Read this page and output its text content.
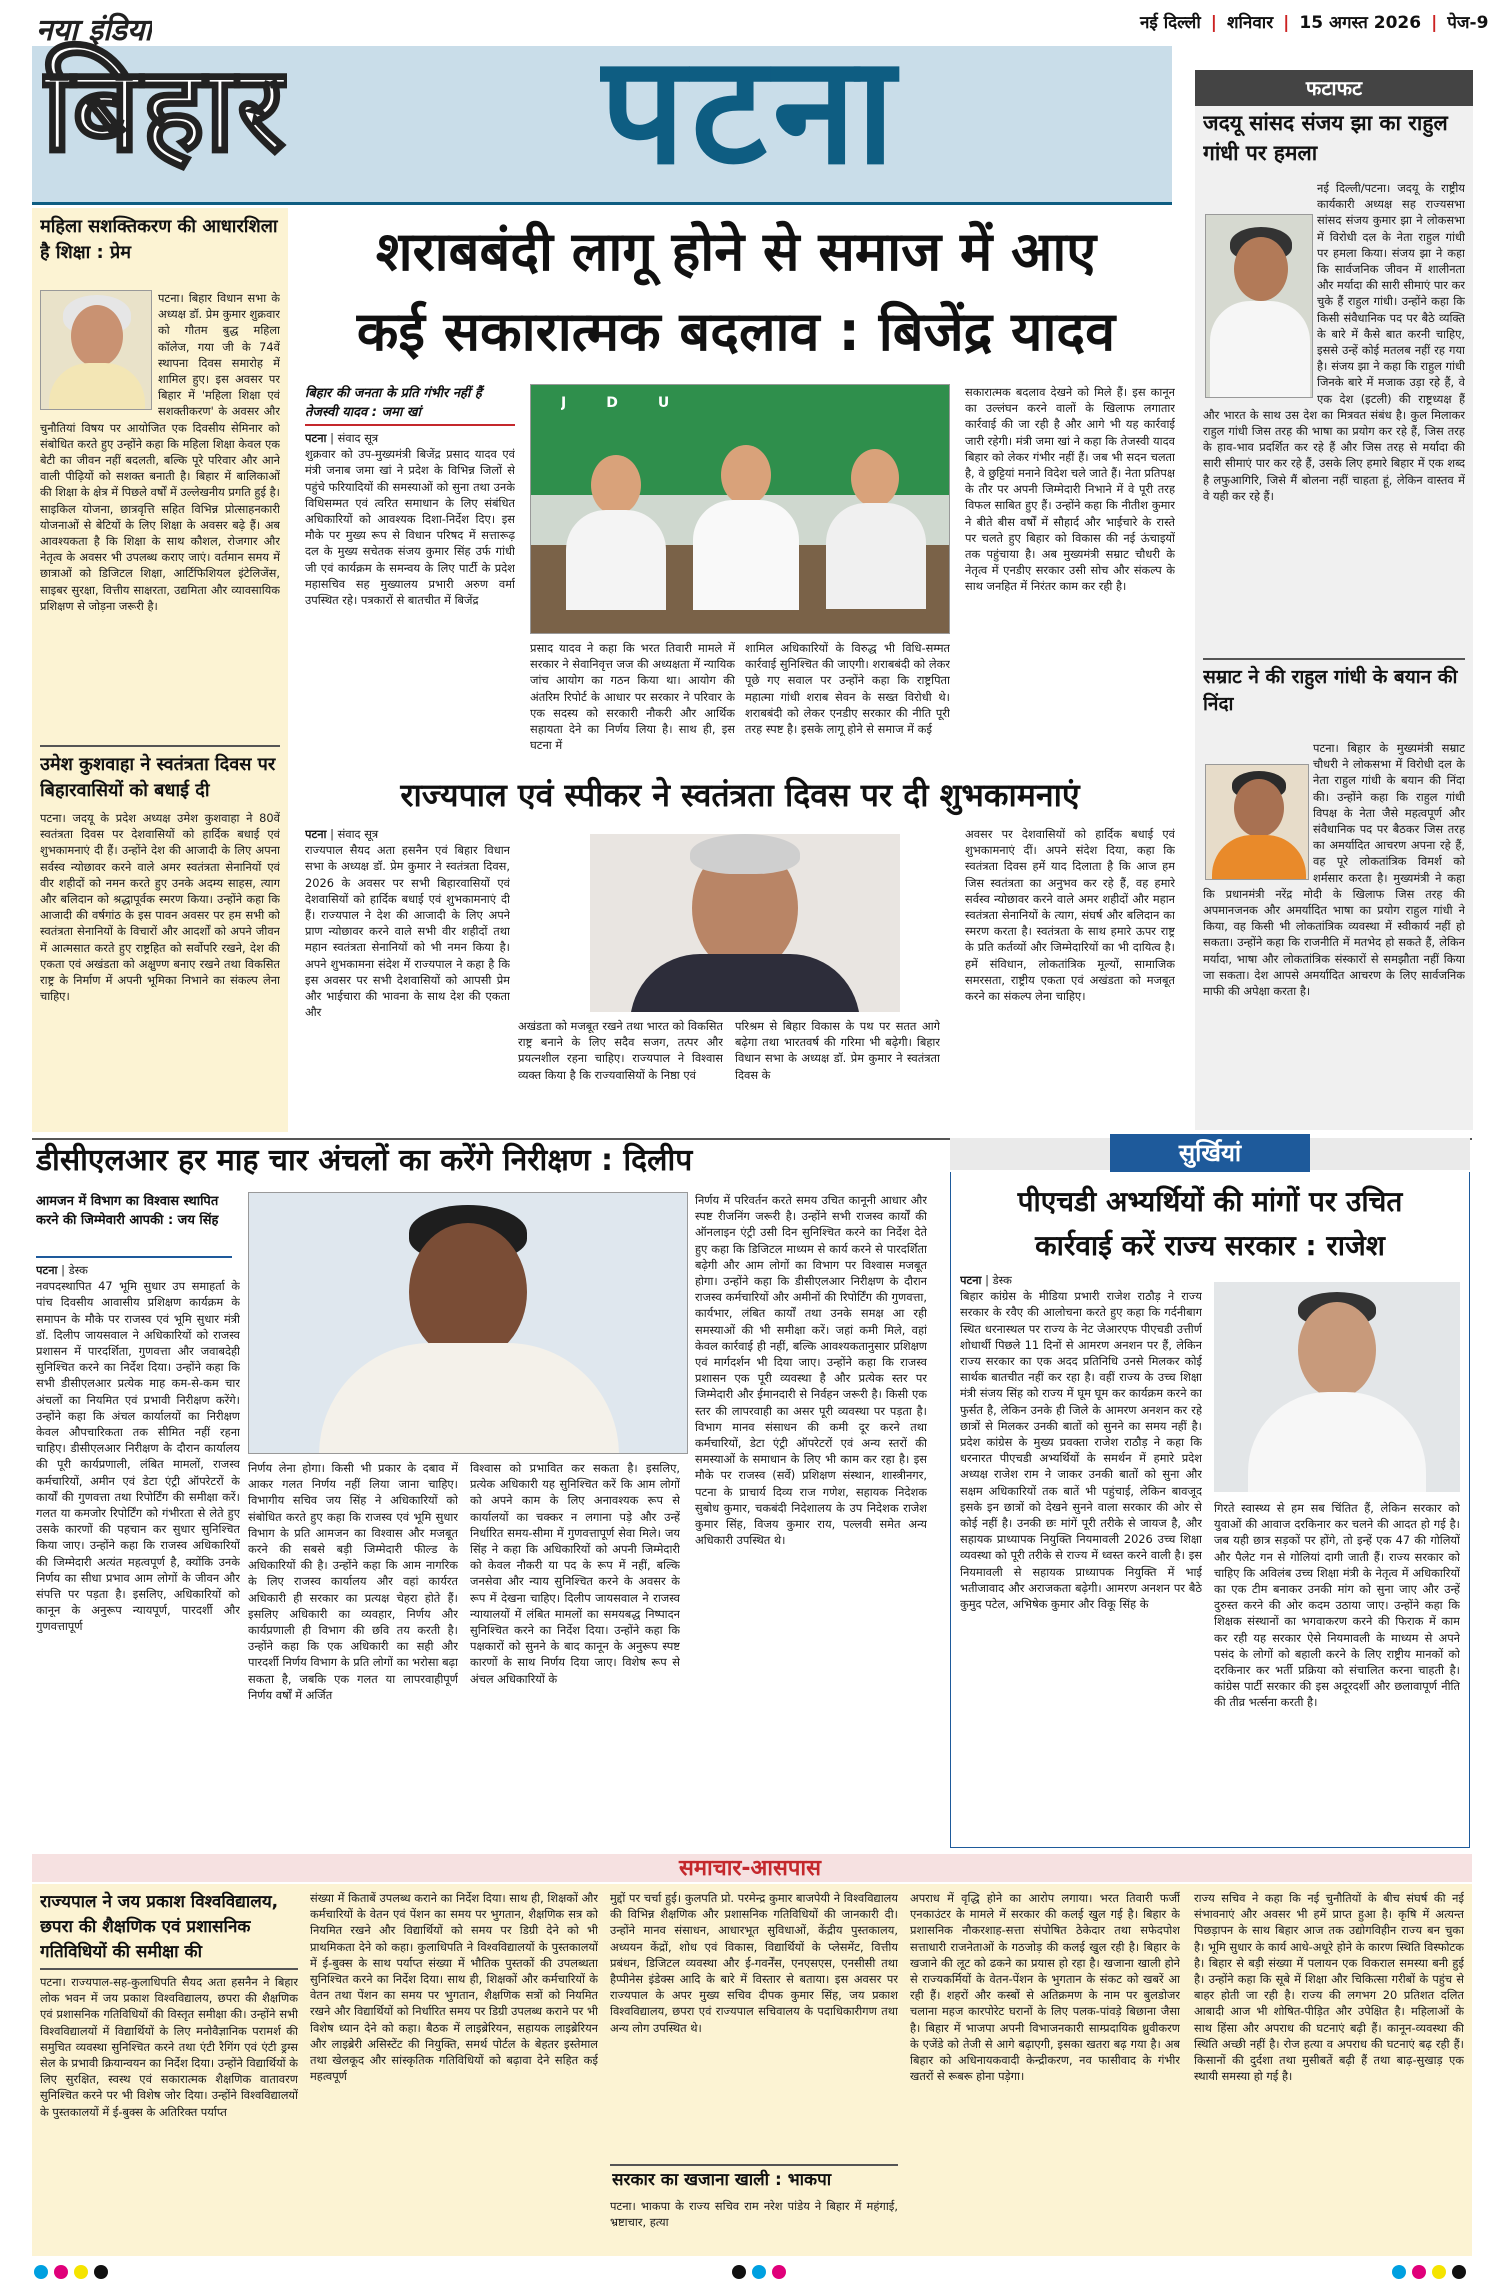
नया इंडिया
बिहार पटना
नई दिल्ली | शनिवार | 15 अगस्त 2026 | पेज-9
महिला सशक्तिकरण की आधारशिला है शिक्षा : प्रेम
पटना। बिहार विधान सभा के अध्यक्ष डॉ. प्रेम कुमार शुक्रवार को गौतम बुद्ध महिला कॉलेज, गया जी के 74वें स्थापना दिवस समारोह में शामिल हुए। इस अवसर पर बिहार में 'महिला शिक्षा एवं सशक्तीकरण' के अवसर और चुनौतियां विषय पर आयोजित एक दिवसीय सेमिनार को संबोधित करते हुए उन्होंने कहा कि महिला शिक्षा केवल एक बेटी का जीवन नहीं बदलती, बल्कि पूरे परिवार और आने वाली पीढ़ियों को सशक्त बनाती है। बिहार में बालिकाओं की शिक्षा के क्षेत्र में पिछले वर्षों में उल्लेखनीय प्रगति हुई है। साइकिल योजना, छात्रवृत्ति सहित विभिन्न प्रोत्साहनकारी योजनाओं से बेटियों के लिए शिक्षा के अवसर बढ़े हैं। अब आवश्यकता है कि शिक्षा के साथ कौशल, रोजगार और नेतृत्व के अवसर भी उपलब्ध कराए जाएं। वर्तमान समय में छात्राओं को डिजिटल शिक्षा, आर्टिफिशियल इंटेलिजेंस, साइबर सुरक्षा, वित्तीय साक्षरता, उद्यमिता और व्यावसायिक प्रशिक्षण से जोड़ना जरूरी है।
उमेश कुशवाहा ने स्वतंत्रता दिवस पर बिहारवासियों को बधाई दी
पटना। जदयू के प्रदेश अध्यक्ष उमेश कुशवाहा ने 80वें स्वतंत्रता दिवस पर देशवासियों को हार्दिक बधाई एवं शुभकामनाएं दी हैं। उन्होंने देश की आजादी के लिए अपना सर्वस्व न्योछावर करने वाले अमर स्वतंत्रता सेनानियों एवं वीर शहीदों को नमन करते हुए उनके अदम्य साहस, त्याग और बलिदान को श्रद्धापूर्वक स्मरण किया। उन्होंने कहा कि आजादी की वर्षगांठ के इस पावन अवसर पर हम सभी को स्वतंत्रता सेनानियों के विचारों और आदर्शों को अपने जीवन में आत्मसात करते हुए राष्ट्रहित को सर्वोपरि रखने, देश की एकता एवं अखंडता को अक्षुण्ण बनाए रखने तथा विकसित राष्ट्र के निर्माण में अपनी भूमिका निभाने का संकल्प लेना चाहिए।
शराबबंदी लागू होने से समाज में आए
कई सकारात्मक बदलाव : बिजेंद्र यादव
बिहार की जनता के प्रति गंभीर नहीं हैं तेजस्वी यादव : जमा खां
पटना | संवाद सूत्र
शुक्रवार को उप-मुख्यमंत्री बिजेंद्र प्रसाद यादव एवं मंत्री जनाब जमा खां ने प्रदेश के विभिन्न जिलों से पहुंचे फरियादियों की समस्याओं को सुना तथा उनके विधिसम्मत एवं त्वरित समाधान के लिए संबंधित अधिकारियों को आवश्यक दिशा-निर्देश दिए। इस मौके पर मुख्य रूप से विधान परिषद में सत्तारूढ़ दल के मुख्य सचेतक संजय कुमार सिंह उर्फ गांधी जी एवं कार्यक्रम के समन्वय के लिए पार्टी के प्रदेश महासचिव सह मुख्यालय प्रभारी अरुण वर्मा उपस्थित रहे। पत्रकारों से बातचीत में बिजेंद्र
JDU
प्रसाद यादव ने कहा कि भरत तिवारी मामले में सरकार ने सेवानिवृत्त जज की अध्यक्षता में न्यायिक जांच आयोग का गठन किया था। आयोग की अंतरिम रिपोर्ट के आधार पर सरकार ने परिवार के एक सदस्य को सरकारी नौकरी और आर्थिक सहायता देने का निर्णय लिया है। साथ ही, इस घटना में
शामिल अधिकारियों के विरुद्ध भी विधि-सम्मत कार्रवाई सुनिश्चित की जाएगी। शराबबंदी को लेकर पूछे गए सवाल पर उन्होंने कहा कि राष्ट्रपिता महात्मा गांधी शराब सेवन के सख्त विरोधी थे। शराबबंदी को लेकर एनडीए सरकार की नीति पूरी तरह स्पष्ट है। इसके लागू होने से समाज में कई
सकारात्मक बदलाव देखने को मिले हैं। इस कानून का उल्लंघन करने वालों के खिलाफ लगातार कार्रवाई की जा रही है और आगे भी यह कार्रवाई जारी रहेगी। मंत्री जमा खां ने कहा कि तेजस्वी यादव बिहार को लेकर गंभीर नहीं हैं। जब भी सदन चलता है, वे छुट्टियां मनाने विदेश चले जाते हैं। नेता प्रतिपक्ष के तौर पर अपनी जिम्मेदारी निभाने में वे पूरी तरह विफल साबित हुए हैं। उन्होंने कहा कि नीतीश कुमार ने बीते बीस वर्षों में सौहार्द और भाईचारे के रास्ते पर चलते हुए बिहार को विकास की नई ऊंचाइयों तक पहुंचाया है। अब मुख्यमंत्री सम्राट चौधरी के नेतृत्व में एनडीए सरकार उसी सोच और संकल्प के साथ जनहित में निरंतर काम कर रही है।
राज्यपाल एवं स्पीकर ने स्वतंत्रता दिवस पर दी शुभकामनाएं
पटना | संवाद सूत्र
राज्यपाल सैयद अता हसनैन एवं बिहार विधान सभा के अध्यक्ष डॉ. प्रेम कुमार ने स्वतंत्रता दिवस, 2026 के अवसर पर सभी बिहारवासियों एवं देशवासियों को हार्दिक बधाई एवं शुभकामनाएं दी हैं। राज्यपाल ने देश की आजादी के लिए अपने प्राण न्योछावर करने वाले सभी वीर शहीदों तथा महान स्वतंत्रता सेनानियों को भी नमन किया है। अपने शुभकामना संदेश में राज्यपाल ने कहा है कि इस अवसर पर सभी देशवासियों को आपसी प्रेम और भाईचारा की भावना के साथ देश की एकता और
अखंडता को मजबूत रखने तथा भारत को विकसित राष्ट्र बनाने के लिए सदैव सजग, तत्पर और प्रयत्नशील रहना चाहिए। राज्यपाल ने विश्वास व्यक्त किया है कि राज्यवासियों के निष्ठा एवं
परिश्रम से बिहार विकास के पथ पर सतत आगे बढ़ेगा तथा भारतवर्ष की गरिमा भी बढ़ेगी। बिहार विधान सभा के अध्यक्ष डॉ. प्रेम कुमार ने स्वतंत्रता दिवस के
अवसर पर देशवासियों को हार्दिक बधाई एवं शुभकामनाएं दीं। अपने संदेश दिया, कहा कि स्वतंत्रता दिवस हमें याद दिलाता है कि आज हम जिस स्वतंत्रता का अनुभव कर रहे हैं, वह हमारे सर्वस्व न्योछावर करने वाले अमर शहीदों और महान स्वतंत्रता सेनानियों के त्याग, संघर्ष और बलिदान का स्मरण करता है। स्वतंत्रता के साथ हमारे ऊपर राष्ट्र के प्रति कर्तव्यों और जिम्मेदारियों का भी दायित्व है। हमें संविधान, लोकतांत्रिक मूल्यों, सामाजिक समरसता, राष्ट्रीय एकता एवं अखंडता को मजबूत करने का संकल्प लेना चाहिए।
फटाफट
जदयू सांसद संजय झा का राहुल गांधी पर हमला
नई दिल्ली/पटना। जदयू के राष्ट्रीय कार्यकारी अध्यक्ष सह राज्यसभा सांसद संजय कुमार झा ने लोकसभा में विरोधी दल के नेता राहुल गांधी पर हमला किया। संजय झा ने कहा कि सार्वजनिक जीवन में शालीनता और मर्यादा की सारी सीमाएं पार कर चुके हैं राहुल गांधी। उन्होंने कहा कि किसी संवैधानिक पद पर बैठे व्यक्ति के बारे में कैसे बात करनी चाहिए, इससे उन्हें कोई मतलब नहीं रह गया है। संजय झा ने कहा कि राहुल गांधी जिनके बारे में मजाक उड़ा रहे हैं, वे एक देश (इटली) की राष्ट्रध्यक्ष हैं और भारत के साथ उस देश का मित्रवत संबंध है। कुल मिलाकर राहुल गांधी जिस तरह की भाषा का प्रयोग कर रहे हैं, जिस तरह के हाव-भाव प्रदर्शित कर रहे हैं और जिस तरह से मर्यादा की सारी सीमाएं पार कर रहे हैं, उसके लिए हमारे बिहार में एक शब्द है लफुआगिरि, जिसे मैं बोलना नहीं चाहता हूं, लेकिन वास्तव में वे यही कर रहे हैं।
सम्राट ने की राहुल गांधी के बयान की निंदा
पटना। बिहार के मुख्यमंत्री सम्राट चौधरी ने लोकसभा में विरोधी दल के नेता राहुल गांधी के बयान की निंदा की। उन्होंने कहा कि राहुल गांधी विपक्ष के नेता जैसे महत्वपूर्ण और संवैधानिक पद पर बैठकर जिस तरह का अमर्यादित आचरण अपना रहे हैं, वह पूरे लोकतांत्रिक विमर्श को शर्मसार करता है। मुख्यमंत्री ने कहा कि प्रधानमंत्री नरेंद्र मोदी के खिलाफ जिस तरह की अपमानजनक और अमर्यादित भाषा का प्रयोग राहुल गांधी ने किया, वह किसी भी लोकतांत्रिक व्यवस्था में स्वीकार्य नहीं हो सकता। उन्होंने कहा कि राजनीति में मतभेद हो सकते हैं, लेकिन मर्यादा, भाषा और लोकतांत्रिक संस्कारों से समझौता नहीं किया जा सकता। देश आपसे अमर्यादित आचरण के लिए सार्वजनिक माफी की अपेक्षा करता है।
डीसीएलआर हर माह चार अंचलों का करेंगे निरीक्षण : दिलीप
आमजन में विभाग का विश्वास स्थापित करने की जिम्मेवारी आपकी : जय सिंह
पटना | डेस्क
नवपदस्थापित 47 भूमि सुधार उप समाहर्ता के पांच दिवसीय आवासीय प्रशिक्षण कार्यक्रम के समापन के मौके पर राजस्व एवं भूमि सुधार मंत्री डॉ. दिलीप जायसवाल ने अधिकारियों को राजस्व प्रशासन में पारदर्शिता, गुणवत्ता और जवाबदेही सुनिश्चित करने का निर्देश दिया। उन्होंने कहा कि सभी डीसीएलआर प्रत्येक माह कम-से-कम चार अंचलों का नियमित एवं प्रभावी निरीक्षण करेंगे। उन्होंने कहा कि अंचल कार्यालयों का निरीक्षण केवल औपचारिकता तक सीमित नहीं रहना चाहिए। डीसीएलआर निरीक्षण के दौरान कार्यालय की पूरी कार्यप्रणाली, लंबित मामलों, राजस्व कर्मचारियों, अमीन एवं डेटा एंट्री ऑपरेटरों के कार्यों की गुणवत्ता तथा रिपोर्टिंग की समीक्षा करें। गलत या कमजोर रिपोर्टिंग को गंभीरता से लेते हुए उसके कारणों की पहचान कर सुधार सुनिश्चित किया जाए। उन्होंने कहा कि राजस्व अधिकारियों की जिम्मेदारी अत्यंत महत्वपूर्ण है, क्योंकि उनके निर्णय का सीधा प्रभाव आम लोगों के जीवन और संपत्ति पर पड़ता है। इसलिए, अधिकारियों को कानून के अनुरूप न्यायपूर्ण, पारदर्शी और गुणवत्तापूर्ण
निर्णय लेना होगा। किसी भी प्रकार के दबाव में आकर गलत निर्णय नहीं लिया जाना चाहिए। विभागीय सचिव जय सिंह ने अधिकारियों को संबोधित करते हुए कहा कि राजस्व एवं भूमि सुधार विभाग के प्रति आमजन का विश्वास और मजबूत करने की सबसे बड़ी जिम्मेदारी फील्ड के अधिकारियों की है। उन्होंने कहा कि आम नागरिक के लिए राजस्व कार्यालय और वहां कार्यरत अधिकारी ही सरकार का प्रत्यक्ष चेहरा होते हैं। इसलिए अधिकारी का व्यवहार, निर्णय और कार्यप्रणाली ही विभाग की छवि तय करती है। उन्होंने कहा कि एक अधिकारी का सही और पारदर्शी निर्णय विभाग के प्रति लोगों का भरोसा बढ़ा सकता है, जबकि एक गलत या लापरवाहीपूर्ण निर्णय वर्षों में अर्जित
विश्वास को प्रभावित कर सकता है। इसलिए, प्रत्येक अधिकारी यह सुनिश्चित करें कि आम लोगों को अपने काम के लिए अनावश्यक रूप से कार्यालयों का चक्कर न लगाना पड़े और उन्हें निर्धारित समय-सीमा में गुणवत्तापूर्ण सेवा मिले। जय सिंह ने कहा कि अधिकारियों को अपनी जिम्मेदारी को केवल नौकरी या पद के रूप में नहीं, बल्कि जनसेवा और न्याय सुनिश्चित करने के अवसर के रूप में देखना चाहिए। दिलीप जायसवाल ने राजस्व न्यायालयों में लंबित मामलों का समयबद्ध निष्पादन सुनिश्चित करने का निर्देश दिया। उन्होंने कहा कि पक्षकारों को सुनने के बाद कानून के अनुरूप स्पष्ट कारणों के साथ निर्णय दिया जाए। विशेष रूप से अंचल अधिकारियों के
निर्णय में परिवर्तन करते समय उचित कानूनी आधार और स्पष्ट रीजनिंग जरूरी है। उन्होंने सभी राजस्व कार्यों की ऑनलाइन एंट्री उसी दिन सुनिश्चित करने का निर्देश देते हुए कहा कि डिजिटल माध्यम से कार्य करने से पारदर्शिता बढ़ेगी और आम लोगों का विभाग पर विश्वास मजबूत होगा। उन्होंने कहा कि डीसीएलआर निरीक्षण के दौरान राजस्व कर्मचारियों और अमीनों की रिपोर्टिंग की गुणवत्ता, कार्यभार, लंबित कार्यों तथा उनके समक्ष आ रही समस्याओं की भी समीक्षा करें। जहां कमी मिले, वहां केवल कार्रवाई ही नहीं, बल्कि आवश्यकतानुसार प्रशिक्षण एवं मार्गदर्शन भी दिया जाए। उन्होंने कहा कि राजस्व प्रशासन एक पूरी व्यवस्था है और प्रत्येक स्तर पर जिम्मेदारी और ईमानदारी से निर्वहन जरूरी है। किसी एक स्तर की लापरवाही का असर पूरी व्यवस्था पर पड़ता है। विभाग मानव संसाधन की कमी दूर करने तथा कर्मचारियों, डेटा एंट्री ऑपरेटरों एवं अन्य स्तरों की समस्याओं के समाधान के लिए भी काम कर रहा है। इस मौके पर राजस्व (सर्वे) प्रशिक्षण संस्थान, शास्त्रीनगर, पटना के प्राचार्य दिव्य राज गणेश, सहायक निदेशक सुबोध कुमार, चकबंदी निदेशालय के उप निदेशक राजेश कुमार सिंह, विजय कुमार राय, पल्लवी समेत अन्य अधिकारी उपस्थित थे।
सुर्खियां
पीएचडी अभ्यर्थियों की मांगों पर उचित
कार्रवाई करें राज्य सरकार : राजेश
पटना | डेस्क
बिहार कांग्रेस के मीडिया प्रभारी राजेश राठौड़ ने राज्य सरकार के रवैए की आलोचना करते हुए कहा कि गर्दनीबाग स्थित धरनास्थल पर राज्य के नेट जेआरएफ पीएचडी उत्तीर्ण शोधार्थी पिछले 11 दिनों से आमरण अनशन पर हैं, लेकिन राज्य सरकार का एक अदद प्रतिनिधि उनसे मिलकर कोई सार्थक बातचीत नहीं कर रहा है। वहीं राज्य के उच्च शिक्षा मंत्री संजय सिंह को राज्य में घूम घूम कर कार्यक्रम करने का फुर्सत है, लेकिन उनके ही जिले के आमरण अनशन कर रहे छात्रों से मिलकर उनकी बातों को सुनने का समय नहीं है। प्रदेश कांग्रेस के मुख्य प्रवक्ता राजेश राठौड़ ने कहा कि धरनारत पीएचडी अभ्यर्थियों के समर्थन में हमारे प्रदेश अध्यक्ष राजेश राम ने जाकर उनकी बातों को सुना और सक्षम अधिकारियों तक बातें भी पहुंचाई, लेकिन बावजूद इसके इन छात्रों को देखने सुनने वाला सरकार की ओर से कोई नहीं है। उनकी छः मांगें पूरी तरीके से जायज है, और सहायक प्राध्यापक नियुक्ति नियमावली 2026 उच्च शिक्षा व्यवस्था को पूरी तरीके से राज्य में ध्वस्त करने वाली है। इस नियमावली से सहायक प्राध्यापक नियुक्ति में भाई भतीजावाद और अराजकता बढ़ेगी। आमरण अनशन पर बैठे कुमुद पटेल, अभिषेक कुमार और विकू सिंह के
गिरते स्वास्थ्य से हम सब चिंतित हैं, लेकिन सरकार को युवाओं की आवाज दरकिनार कर चलने की आदत हो गई है। जब यही छात्र सड़कों पर होंगे, तो इन्हें एक 47 की गोलियों और पैलेट गन से गोलियां दागी जाती हैं। राज्य सरकार को चाहिए कि अविलंब उच्च शिक्षा मंत्री के नेतृत्व में अधिकारियों का एक टीम बनाकर उनकी मांग को सुना जाए और उन्हें दुरुस्त करने की ओर कदम उठाया जाए। उन्होंने कहा कि शिक्षक संस्थानों का भगवाकरण करने की फिराक में काम कर रही यह सरकार ऐसे नियमावली के माध्यम से अपने पसंद के लोगों को बहाली करने के लिए राष्ट्रीय मानकों को दरकिनार कर भर्ती प्रक्रिया को संचालित करना चाहती है। कांग्रेस पार्टी सरकार की इस अदूरदर्शी और छलावापूर्ण नीति की तीव्र भर्त्सना करती है।
समाचार-आसपास
राज्यपाल ने जय प्रकाश विश्वविद्यालय, छपरा की शैक्षणिक एवं प्रशासनिक गतिविधियों की समीक्षा की
पटना। राज्यपाल-सह-कुलाधिपति सैयद अता हसनैन ने बिहार लोक भवन में जय प्रकाश विश्वविद्यालय, छपरा की शैक्षणिक एवं प्रशासनिक गतिविधियों की विस्तृत समीक्षा की। उन्होंने सभी विश्वविद्यालयों में विद्यार्थियों के लिए मनोवैज्ञानिक परामर्श की समुचित व्यवस्था सुनिश्चित करने तथा एंटी रैगिंग एवं एंटी ड्रग्स सेल के प्रभावी क्रियान्वयन का निर्देश दिया। उन्होंने विद्यार्थियों के लिए सुरक्षित, स्वस्थ एवं सकारात्मक शैक्षणिक वातावरण सुनिश्चित करने पर भी विशेष जोर दिया। उन्होंने विश्वविद्यालयों के पुस्तकालयों में ई-बुक्स के अतिरिक्त पर्याप्त
संख्या में किताबें उपलब्ध कराने का निर्देश दिया। साथ ही, शिक्षकों और कर्मचारियों के वेतन एवं पेंशन का समय पर भुगतान, शैक्षणिक सत्र को नियमित रखने और विद्यार्थियों को समय पर डिग्री देने को भी प्राथमिकता देने को कहा। कुलाधिपति ने विश्वविद्यालयों के पुस्तकालयों में ई-बुक्स के साथ पर्याप्त संख्या में भौतिक पुस्तकों की उपलब्धता सुनिश्चित करने का निर्देश दिया। साथ ही, शिक्षकों और कर्मचारियों के वेतन तथा पेंशन का समय पर भुगतान, शैक्षणिक सत्रों को नियमित रखने और विद्यार्थियों को निर्धारित समय पर डिग्री उपलब्ध कराने पर भी विशेष ध्यान देने को कहा। बैठक में लाइब्रेरियन, सहायक लाइब्रेरियन और लाइब्रेरी असिस्टेंट की नियुक्ति, समर्थ पोर्टल के बेहतर इस्तेमाल तथा खेलकूद और सांस्कृतिक गतिविधियों को बढ़ावा देने सहित कई महत्वपूर्ण
मुद्दों पर चर्चा हुई। कुलपति प्रो. परमेन्द्र कुमार बाजपेयी ने विश्वविद्यालय की विभिन्न शैक्षणिक और प्रशासनिक गतिविधियों की जानकारी दी। उन्होंने मानव संसाधन, आधारभूत सुविधाओं, केंद्रीय पुस्तकालय, अध्ययन केंद्रों, शोध एवं विकास, विद्यार्थियों के प्लेसमेंट, वित्तीय प्रबंधन, डिजिटल व्यवस्था और ई-गवर्नेंस, एनएसएस, एनसीसी तथा हैप्पीनेस इंडेक्स आदि के बारे में विस्तार से बताया। इस अवसर पर राज्यपाल के अपर मुख्य सचिव दीपक कुमार सिंह, जय प्रकाश विश्वविद्यालय, छपरा एवं राज्यपाल सचिवालय के पदाधिकारीगण तथा अन्य लोग उपस्थित थे।
सरकार का खजाना खाली : भाकपा
पटना। भाकपा के राज्य सचिव राम नरेश पांडेय ने बिहार में महंगाई, भ्रष्टाचार, हत्या
अपराध में वृद्धि होने का आरोप लगाया। भरत तिवारी फर्जी एनकाउंटर के मामले में सरकार की कलई खुल गई है। बिहार के प्रशासनिक नौकरशाह-सत्ता संपोषित ठेकेदार तथा सफेदपोश सत्ताधारी राजनेताओं के गठजोड़ की कलई खुल रही है। बिहार के खजाने की लूट को ढकने का प्रयास हो रहा है। खजाना खाली होने से राज्यकर्मियों के वेतन-पेंशन के भुगतान के संकट को खबरें आ रही हैं। शहरों और कस्बों से अतिक्रमण के नाम पर बुलडोजर चलाना महज कारपोरेट घरानों के लिए पलक-पांवड़े बिछाना जैसा है। बिहार में भाजपा अपनी विभाजनकारी साम्प्रदायिक ध्रुवीकरण के एजेंडे को तेजी से आगे बढ़ाएगी, इसका खतरा बढ़ गया है। अब बिहार को अधिनायकवादी केन्द्रीकरण, नव फासीवाद के गंभीर खतरों से रूबरू होना पड़ेगा।
राज्य सचिव ने कहा कि नई चुनौतियों के बीच संघर्ष की नई संभावनाएं और अवसर भी हमें प्राप्त हुआ है। कृषि में अत्यन्त पिछड़ापन के साथ बिहार आज तक उद्योगविहीन राज्य बन चुका है। भूमि सुधार के कार्य आधे-अधूरे होने के कारण स्थिति विस्फोटक है। बिहार से बड़ी संख्या में पलायन एक विकराल समस्या बनी हुई है। उन्होंने कहा कि सूबे में शिक्षा और चिकित्सा गरीबों के पहुंच से बाहर होती जा रही है। राज्य की लगभग 20 प्रतिशत दलित आबादी आज भी शोषित-पीड़ित और उपेक्षित है। महिलाओं के साथ हिंसा और अपराध की घटनाएं बढ़ी हैं। कानून-व्यवस्था की स्थिति अच्छी नहीं है। रोज हत्या व अपराध की घटनाएं बढ़ रही हैं। किसानों की दुर्दशा तथा मुसीबतें बढ़ी हैं तथा बाढ़-सुखाड़ एक स्थायी समस्या हो गई है।
